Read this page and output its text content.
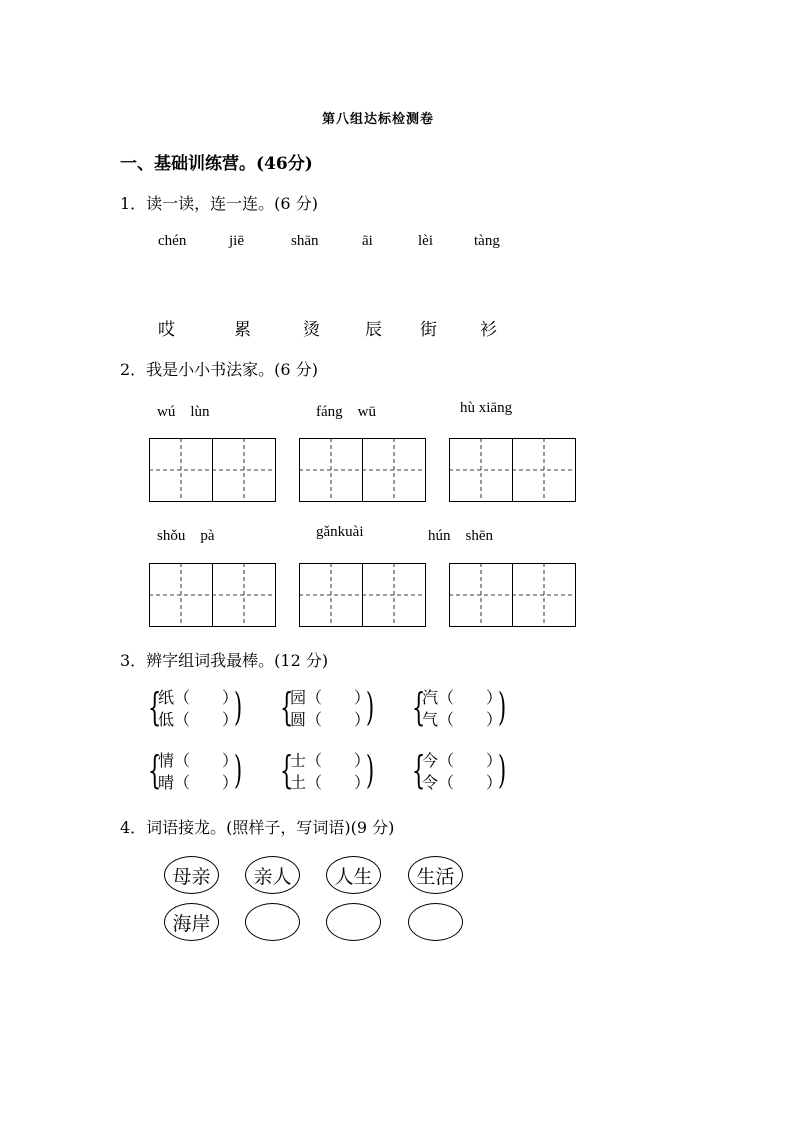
第八组达标检测卷
一、基础训练营。(46分)
1．读一读，连一连。(6 分)
chén	jiē	shān	āi	lèi	tàng
哎	累	烫	辰 街	衫
2．我是小小书法家。(6 分)
wú　lùn	fáng　wū	hù xiāng
shǒu　pà	gǎnkuài	hún　shēn
3．辨字组词我最棒。(12 分)
{
纸（　　）
低（　　）
) {
园（　　）
圆（　　）
) {
汽（　　）
气（　　）
)
{
情（　　）
晴（　　）
) {
士（　　）
土（　　）
) {
今（　　）
令（　　）
)
4．词语接龙。(照样子，写词语)(9 分)
母亲	亲人	人生	生活
海岸
